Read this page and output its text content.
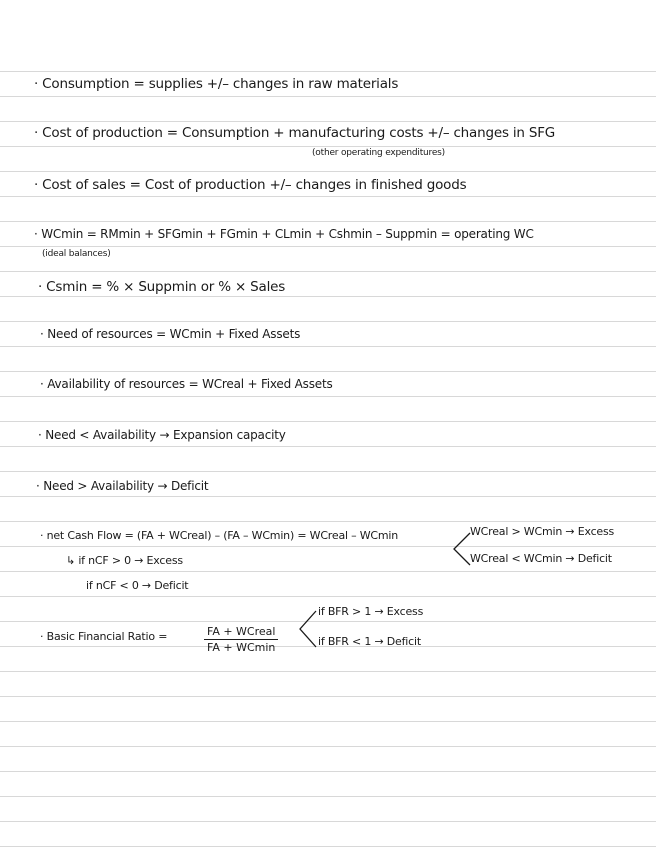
· Consumption = supplies +/– changes in raw materials
· Cost of production = Consumption + manufacturing costs +/– changes in SFG
(other operating expenditures)
· Cost of sales = Cost of production +/– changes in finished goods
· WCmin = RMmin + SFGmin + FGmin + CLmin + Cshmin – Suppmin = operating WC
(ideal balances)
· Csmin = % × Suppmin or % × Sales
· Need of resources = WCmin + Fixed Assets
· Availability of resources = WCreal + Fixed Assets
· Need < Availability → Expansion capacity
· Need > Availability → Deficit
· net Cash Flow = (FA + WCreal) – (FA – WCmin) = WCreal – WCmin
↳ if nCF > 0 → Excess
if nCF < 0 → Deficit
WCreal > WCmin → Excess
WCreal < WCmin → Deficit
· Basic Financial Ratio =	FA + WCreal
FA + WCmin
if BFR > 1 → Excess
if BFR < 1 → Deficit
